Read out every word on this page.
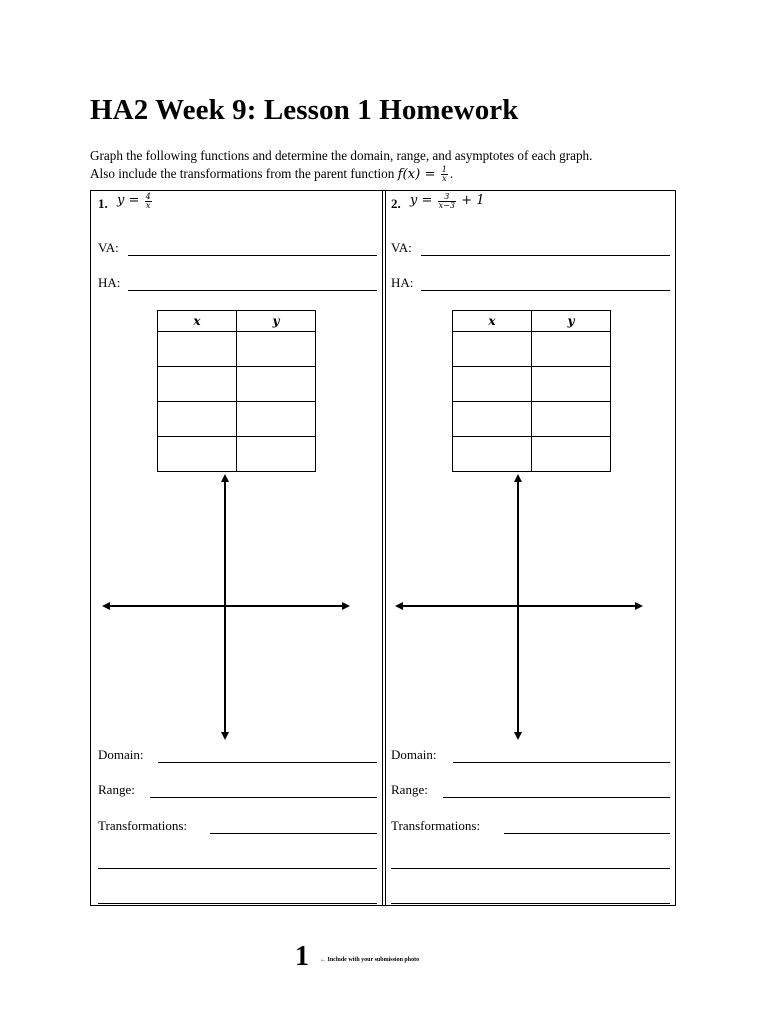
HA2 Week 9: Lesson 1 Homework
Graph the following functions and determine the domain, range, and asymptotes of each graph.
Also include the transformations from the parent function $f(x) = \frac{1}{x}$ .
1. $y = \frac{4}{x}$
VA:
HA:
x	y

Domain:
Range:
Transformations:
2. $y = \frac{3}{x-3} + 1$
VA:
HA:
x	y

Domain:
Range:
Transformations:
1 ← Include with your submission photo
